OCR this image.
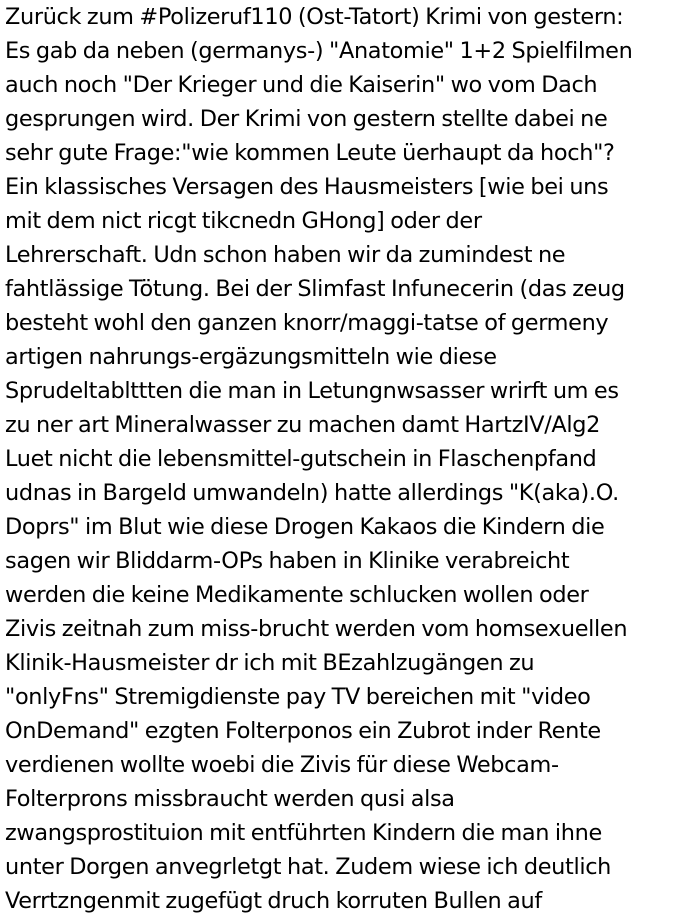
Zurück zum #Polizeruf110 (Ost-Tatort) Krimi von gestern:
Es gab da neben (germanys-) "Anatomie" 1+2 Spielfilmen
auch noch "Der Krieger und die Kaiserin" wo vom Dach
gesprungen wird. Der Krimi von gestern stellte dabei ne
sehr gute Frage:"wie kommen Leute üerhaupt da hoch"?
Ein klassisches Versagen des Hausmeisters [wie bei uns
mit dem nict ricgt tikcnedn GHong] oder der
Lehrerschaft. Udn schon haben wir da zumindest ne
fahtlässige Tötung. Bei der Slimfast Infunecerin (das zeug
besteht wohl den ganzen knorr/maggi-tatse of germeny
artigen nahrungs-ergäzungsmitteln wie diese
Sprudeltablttten die man in Letungnwsasser wrirft um es
zu ner art Mineralwasser zu machen damt HartzIV/Alg2
Luet nicht die lebensmittel-gutschein in Flaschenpfand
udnas in Bargeld umwandeln) hatte allerdings "K(aka).O.
Doprs" im Blut wie diese Drogen Kakaos die Kindern die
sagen wir Bliddarm-OPs haben in Klinike verabreicht
werden die keine Medikamente schlucken wollen oder
Zivis zeitnah zum miss-brucht werden vom homsexuellen
Klinik-Hausmeister dr ich mit BEzahlzugängen zu
"onlyFns" Stremigdienste pay TV bereichen mit "video
OnDemand" ezgten Folterponos ein Zubrot inder Rente
verdienen wollte woebi die Zivis für diese Webcam-
Folterprons missbraucht werden qusi alsa
zwangsprostituion mit entführten Kindern die man ihne
unter Dorgen anvegrletgt hat. Zudem wiese ich deutlich
Verrtzngenmit zugefügt druch korruten Bullen auf
